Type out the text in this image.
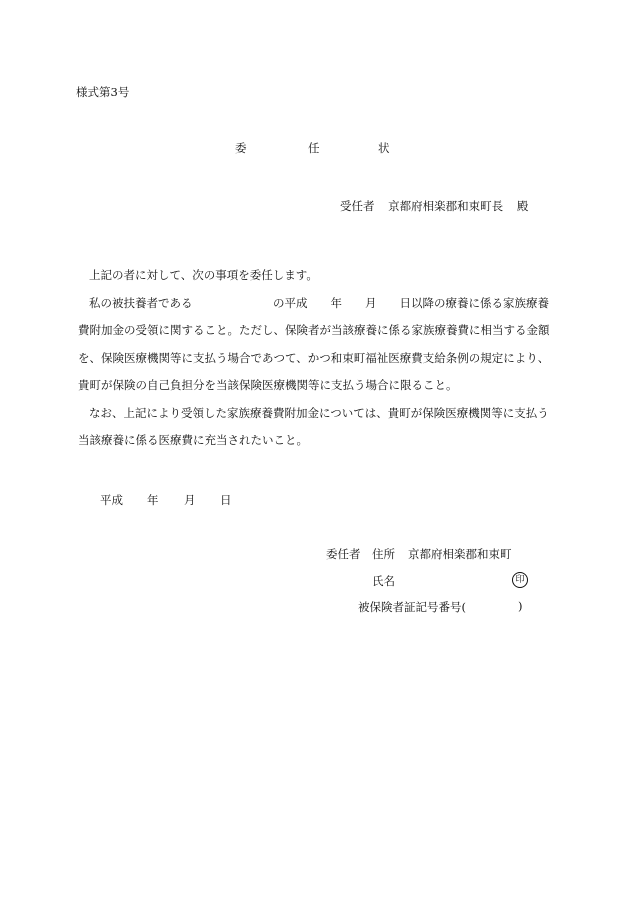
様式第3号
委	任	状
受任者 京都府相楽郡和束町長 殿

上記の者に対して、次の事項を委任します。

私の被扶養者である　　　　　　　の平成　　年　　月　　日以降の療養に係る家族療養費附加金の受領に関すること。ただし、保険者が当該療養に係る家族療養費に相当する金額を、保険医療機関等に支払う場合であつて、かつ和束町福祉医療費支給条例の規定により、貴町が保険の自己負担分を当該保険医療機関等に支払う場合に限ること。

なお、上記により受領した家族療養費附加金については、貴町が保険医療機関等に支払う当該療養に係る医療費に充当されたいこと。

平成 年 月 日
委任者 住所 京都府相楽郡和束町
氏名	印
被保険者証記号番号(	)
